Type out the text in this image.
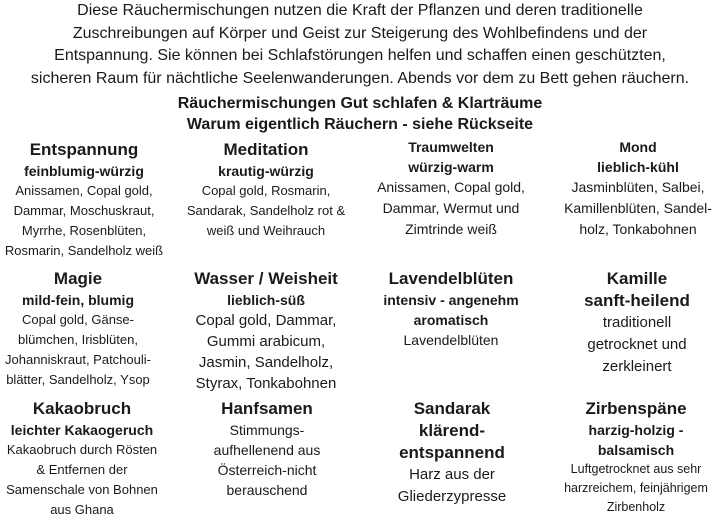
Diese Räuchermischungen nutzen die Kraft der Pflanzen und deren traditionelle
Zuschreibungen auf Körper und Geist zur Steigerung des Wohlbefindens und der
Entspannung. Sie können bei Schlafstörungen helfen und schaffen einen geschützten,
sicheren Raum für nächtliche Seelenwanderungen. Abends vor dem zu Bett gehen räuchern.
Räuchermischungen Gut schlafen & Klarträume
Warum eigentlich Räuchern - siehe Rückseite
Entspannung
feinblumig-würzig
Anissamen, Copal gold,
Dammar, Moschuskraut,
Myrrhe, Rosenblüten,
Rosmarin, Sandelholz weiß
Meditation
krautig-würzig
Copal gold, Rosmarin,
Sandarak, Sandelholz rot &
weiß und Weihrauch
Traumwelten
würzig-warm
Anissamen, Copal gold,
Dammar, Wermut und
Zimtrinde weiß
Mond
lieblich-kühl
Jasminblüten, Salbei,
Kamillenblüten, Sandel-
holz, Tonkabohnen
Magie
mild-fein, blumig
Copal gold, Gänse-
blümchen, Irisblüten,
Johanniskraut, Patchouli-
blätter, Sandelholz, Ysop
Wasser / Weisheit
lieblich-süß
Copal gold, Dammar,
Gummi arabicum,
Jasmin, Sandelholz,
Styrax, Tonkabohnen
Lavendelblüten
intensiv - angenehm
aromatisch
Lavendelblüten
Kamille
sanft-heilend
traditionell
getrocknet und
zerkleinert
Kakaobruch
leichter Kakaogeruch
Kakaobruch durch Rösten
& Entfernen der
Samenschale von Bohnen
aus Ghana
Hanfsamen
Stimmungs-
aufhellenend aus
Österreich-nicht
berauschend
Sandarak
klärend-
entspannend
Harz aus der
Gliederzypresse
Zirbenspäne
harzig-holzig -
balsamisch
Luftgetrocknet aus sehr
harzreichem, feinjährigem
Zirbenholz
